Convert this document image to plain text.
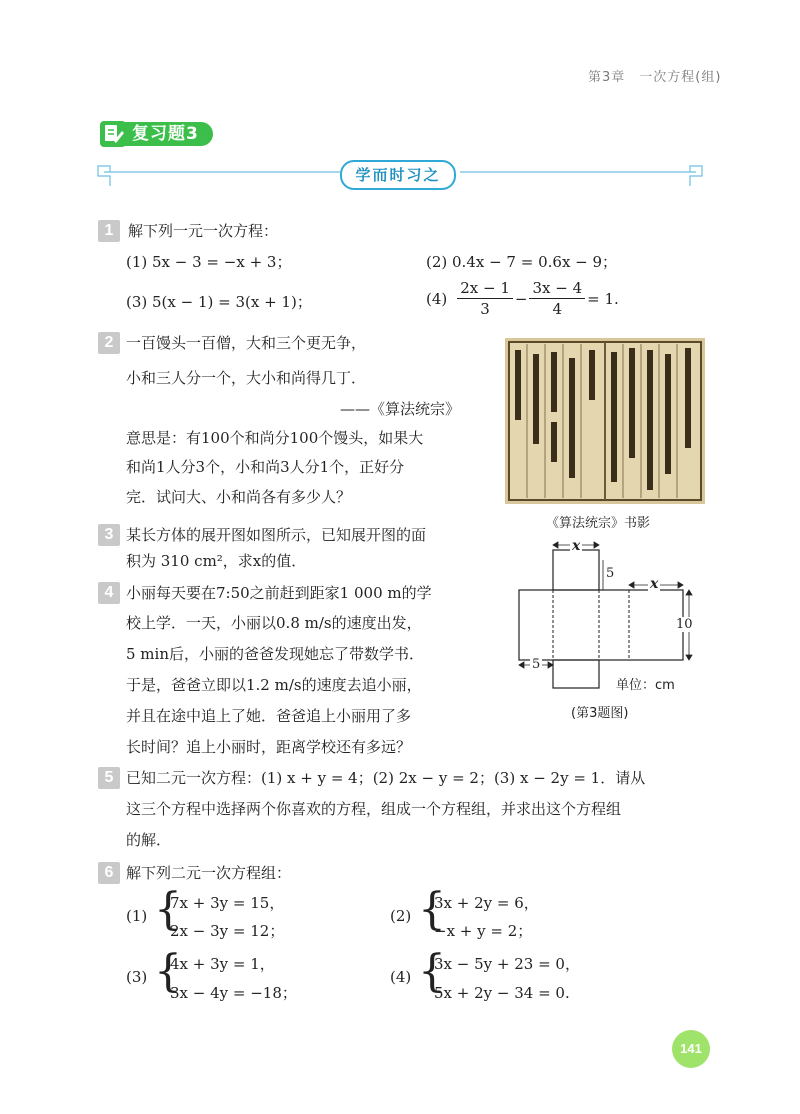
第3章　一次方程(组)
复习题3
学而时习之
1 解下列一元一次方程：
(1) 5x − 3 = −x + 3；	(2) 0.4x − 7 = 0.6x − 9；
(3) 5(x − 1) = 3(x + 1)；	$(4) \frac{2x - 1}{3} - \frac{3x - 4}{4} = 1$.
2 一百馒头一百僧，大和三个更无争，
小和三人分一个，大小和尚得几丁．
——《算法统宗》
意思是：有100个和尚分100个馒头，如果大
和尚1人分3个，小和尚3人分1个，正好分
完．试问大、小和尚各有多少人？
《算法统宗》书影
3 某长方体的展开图如图所示，已知展开图的面
积为 310 cm²，求x的值．
x
x
5
10
5
单位：cm
(第3题图)
4 小丽每天要在7:50之前赶到距家1 000 m的学
校上学．一天，小丽以0.8 m/s的速度出发，
5 min后，小丽的爸爸发现她忘了带数学书．
于是，爸爸立即以1.2 m/s的速度去追小丽，
并且在途中追上了她．爸爸追上小丽用了多
长时间？追上小丽时，距离学校还有多远？
5 已知二元一次方程：(1) x + y = 4；(2) 2x − y = 2；(3) x − 2y = 1．请从
这三个方程中选择两个你喜欢的方程，组成一个方程组，并求出这个方程组
的解．
6 解下列二元一次方程组：
(1) {
7x + 3y = 15，
2x − 3y = 12；
(2) {
3x + 2y = 6，
−x + y = 2；
(3) {
4x + 3y = 1，
3x − 4y = −18；
(4) {
3x − 5y + 23 = 0，
5x + 2y − 34 = 0.
141
